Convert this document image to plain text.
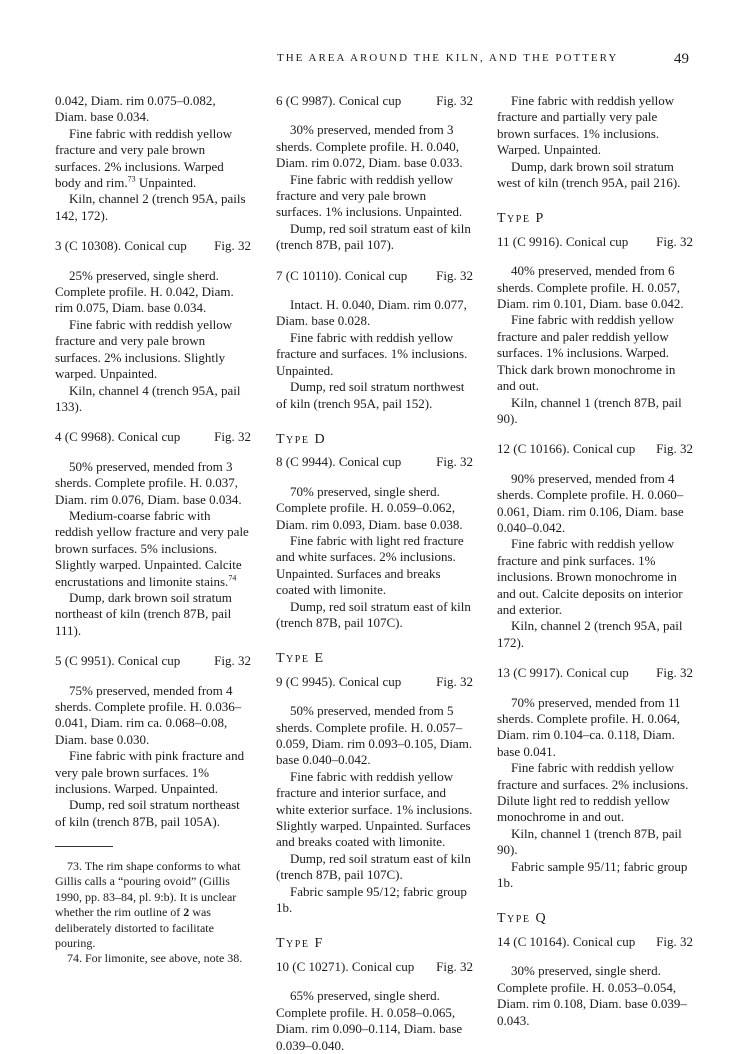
THE AREA AROUND THE KILN, AND THE POTTERY	49

0.042, Diam. rim 0.075–0.082, Diam. base 0.034.

Fine fabric with reddish yellow fracture and very pale brown surfaces. 2% inclusions. Warped body and rim.$^{73}$ Unpainted.

Kiln, channel 2 (trench 95A, pails 142, 172).

3 (C 10308). Conical cup Fig. 32

25% preserved, single sherd. Complete profile. H. 0.042, Diam. rim 0.075, Diam. base 0.034.

Fine fabric with reddish yellow fracture and very pale brown surfaces. 2% inclusions. Slightly warped. Unpainted.

Kiln, channel 4 (trench 95A, pail 133).

4 (C 9968). Conical cup	Fig. 32

50% preserved, mended from 3 sherds. Complete profile. H. 0.037, Diam. rim 0.076, Diam. base 0.034.

Medium-coarse fabric with reddish yellow fracture and very pale brown surfaces. 5% inclusions. Slightly warped. Unpainted. Calcite encrustations and limonite stains.$^{74}$

Dump, dark brown soil stratum northeast of kiln (trench 87B, pail 111).

5 (C 9951). Conical cup	Fig. 32

75% preserved, mended from 4 sherds. Complete profile. H. 0.036–0.041, Diam. rim ca. 0.068–0.08, Diam. base 0.030.

Fine fabric with pink fracture and very pale brown surfaces. 1% inclusions. Warped. Unpainted.

Dump, red soil stratum northeast of kiln (trench 87B, pail 105A).

73. The rim shape conforms to what Gillis calls a “pouring ovoid” (Gillis 1990, pp. 83–84, pl. 9:b). It is unclear whether the rim outline of 2 was deliberately distorted to facilitate pouring.

74. For limonite, see above, note 38.

6 (C 9987). Conical cup	Fig. 32

30% preserved, mended from 3 sherds. Complete profile. H. 0.040, Diam. rim 0.072, Diam. base 0.033.

Fine fabric with reddish yellow fracture and very pale brown surfaces. 1% inclusions. Unpainted.

Dump, red soil stratum east of kiln (trench 87B, pail 107).

7 (C 10110). Conical cup Fig. 32

Intact. H. 0.040, Diam. rim 0.077, Diam. base 0.028.

Fine fabric with reddish yellow fracture and surfaces. 1% inclusions. Unpainted.

Dump, red soil stratum northwest of kiln (trench 95A, pail 152).

Type D
8 (C 9944). Conical cup	Fig. 32

70% preserved, single sherd. Complete profile. H. 0.059–0.062, Diam. rim 0.093, Diam. base 0.038.

Fine fabric with light red fracture and white surfaces. 2% inclusions. Unpainted. Surfaces and breaks coated with limonite.

Dump, red soil stratum east of kiln (trench 87B, pail 107C).

Type E
9 (C 9945). Conical cup	Fig. 32

50% preserved, mended from 5 sherds. Complete profile. H. 0.057–0.059, Diam. rim 0.093–0.105, Diam. base 0.040–0.042.

Fine fabric with reddish yellow fracture and interior surface, and white exterior surface. 1% inclusions. Slightly warped. Unpainted. Surfaces and breaks coated with limonite.

Dump, red soil stratum east of kiln (trench 87B, pail 107C).

Fabric sample 95/12; fabric group 1b.

Type F
10 (C 10271). Conical cup Fig. 32

65% preserved, single sherd. Complete profile. H. 0.058–0.065, Diam. rim 0.090–0.114, Diam. base 0.039–0.040.

Fine fabric with reddish yellow fracture and partially very pale brown surfaces. 1% inclusions. Warped. Unpainted.

Dump, dark brown soil stratum west of kiln (trench 95A, pail 216).

Type P
11 (C 9916). Conical cup Fig. 32

40% preserved, mended from 6 sherds. Complete profile. H. 0.057, Diam. rim 0.101, Diam. base 0.042.

Fine fabric with reddish yellow fracture and paler reddish yellow surfaces. 1% inclusions. Warped. Thick dark brown monochrome in and out.

Kiln, channel 1 (trench 87B, pail 90).

12 (C 10166). Conical cup Fig. 32

90% preserved, mended from 4 sherds. Complete profile. H. 0.060–0.061, Diam. rim 0.106, Diam. base 0.040–0.042.

Fine fabric with reddish yellow fracture and pink surfaces. 1% inclusions. Brown monochrome in and out. Calcite deposits on interior and exterior.

Kiln, channel 2 (trench 95A, pail 172).

13 (C 9917). Conical cup Fig. 32

70% preserved, mended from 11 sherds. Complete profile. H. 0.064, Diam. rim 0.104–ca. 0.118, Diam. base 0.041.

Fine fabric with reddish yellow fracture and surfaces. 2% inclusions. Dilute light red to reddish yellow monochrome in and out.

Kiln, channel 1 (trench 87B, pail 90).

Fabric sample 95/11; fabric group 1b.

Type Q
14 (C 10164). Conical cup Fig. 32

30% preserved, single sherd. Complete profile. H. 0.053–0.054, Diam. rim 0.108, Diam. base 0.039–0.043.
